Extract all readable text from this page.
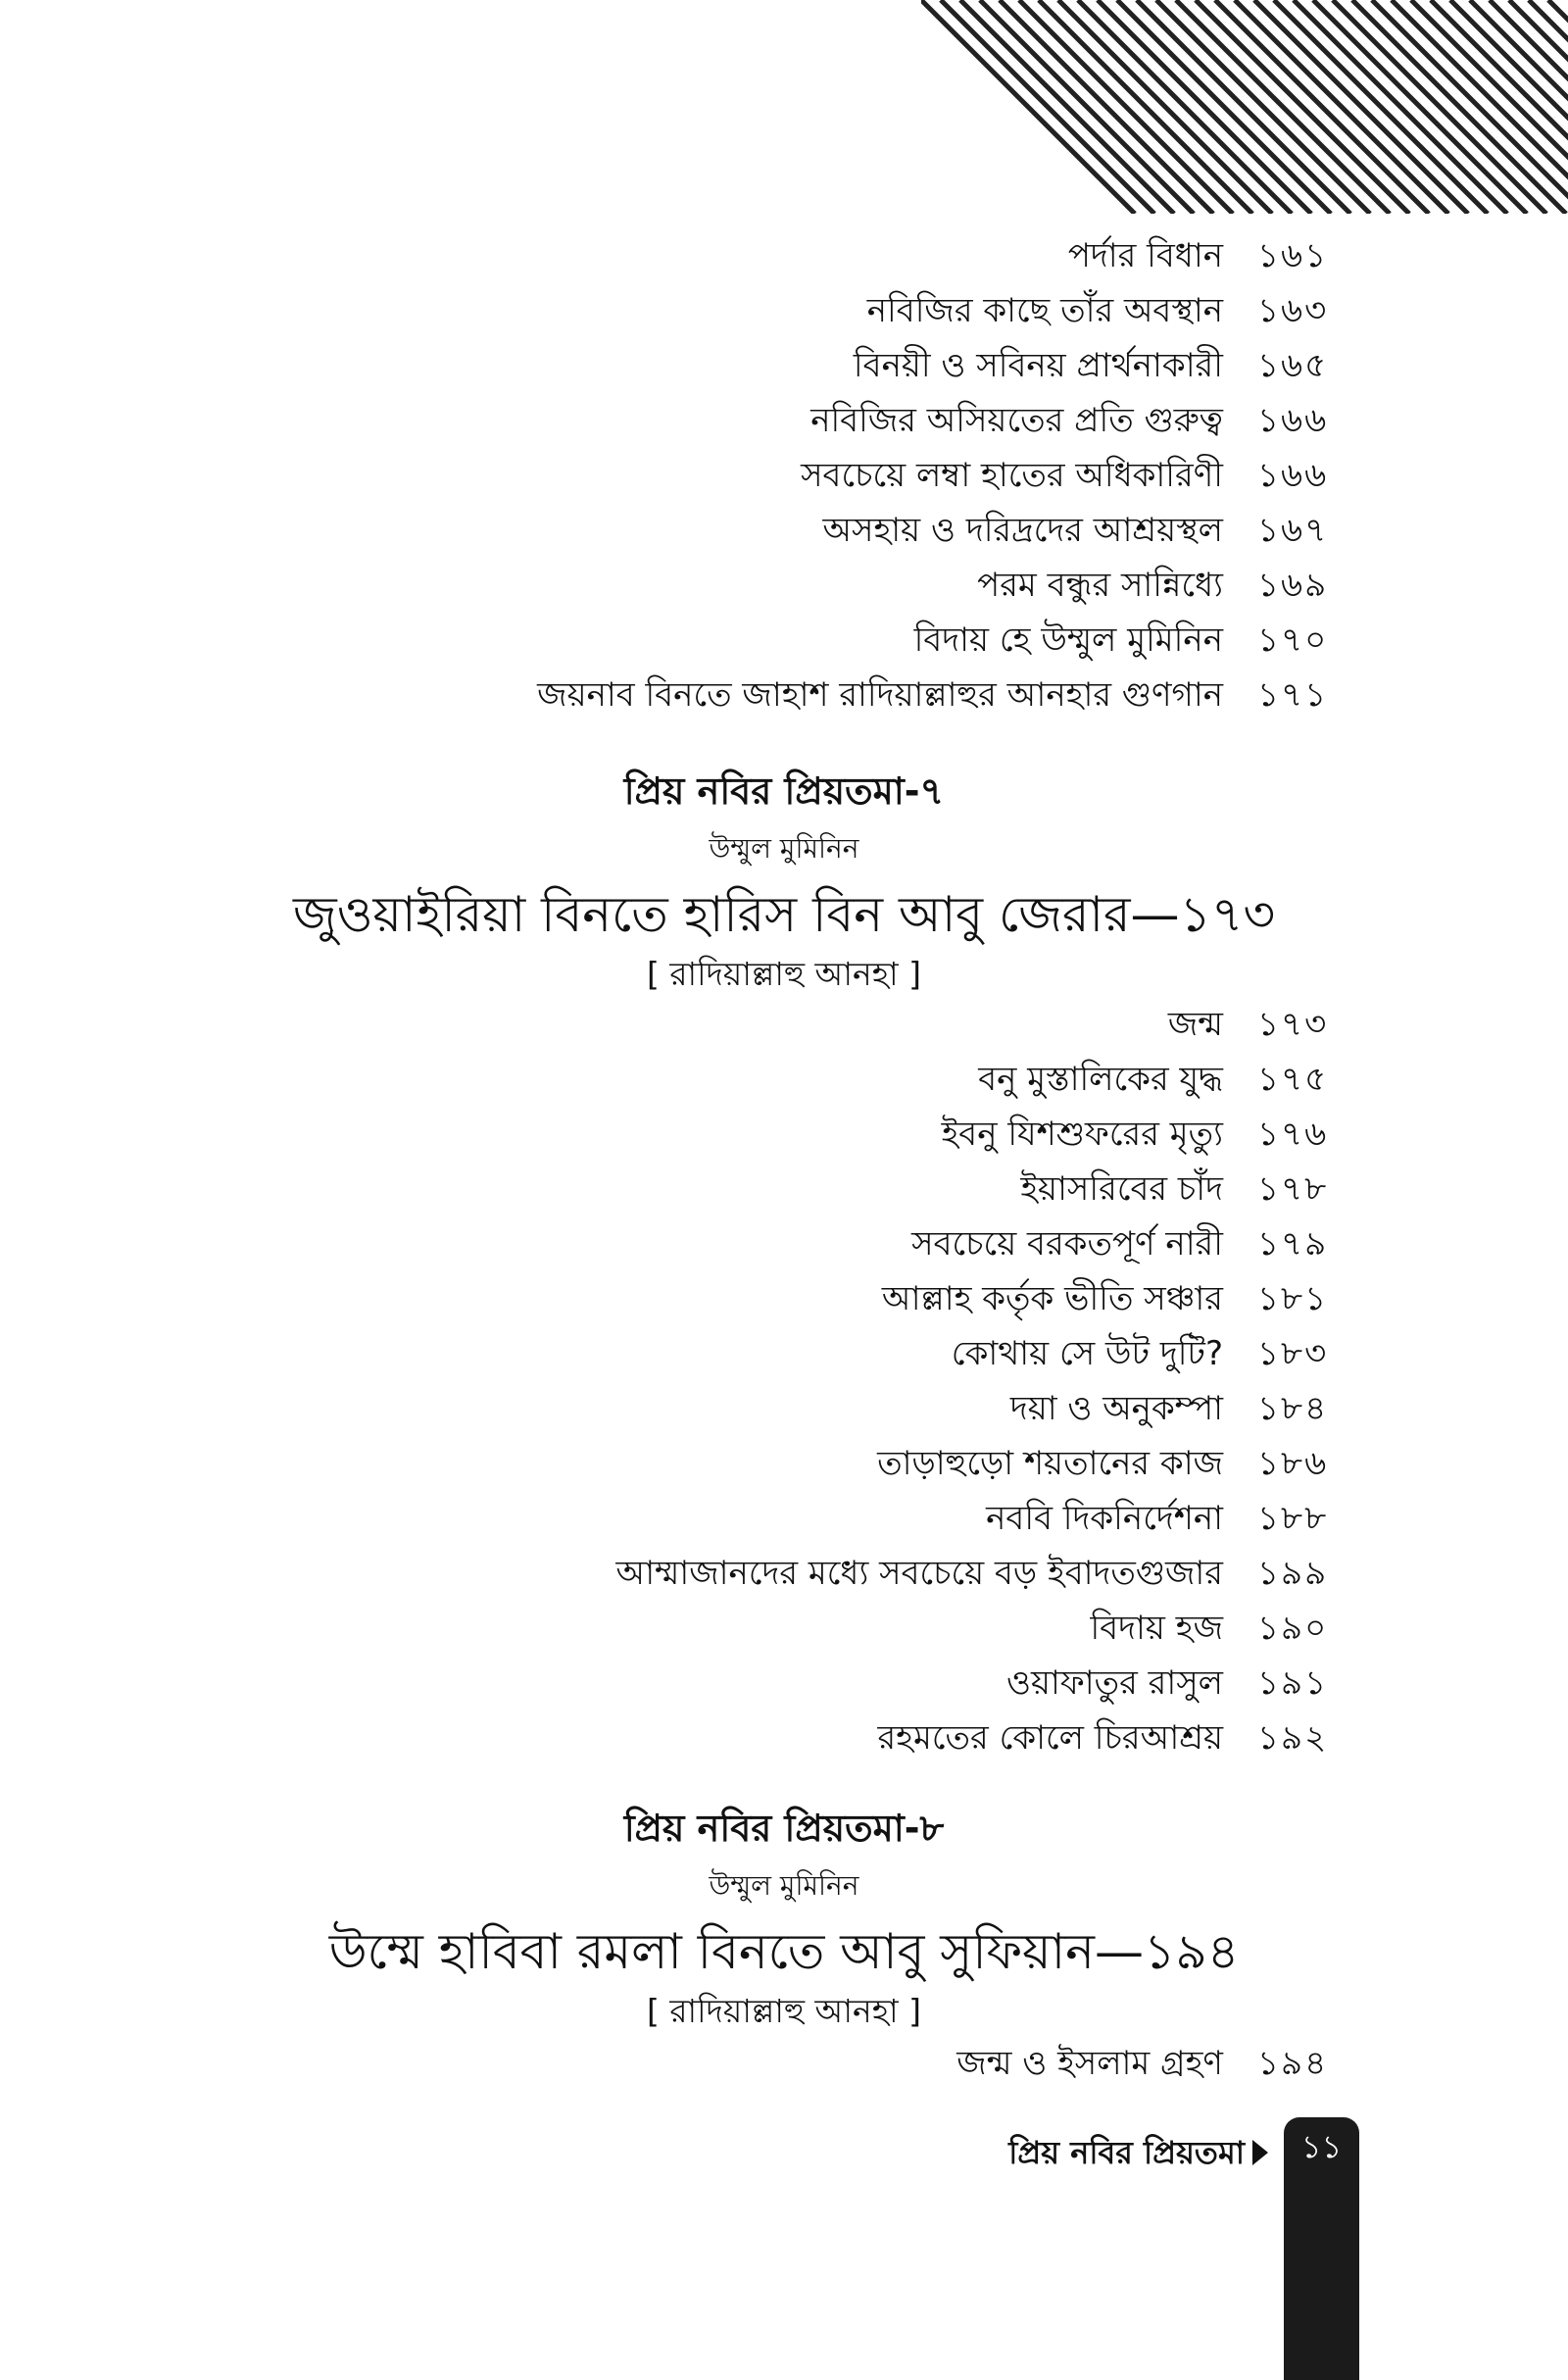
পর্দার বিধান ১৬১
নবিজির কাছে তাঁর অবস্থান ১৬৩
বিনয়ী ও সবিনয় প্রার্থনাকারী ১৬৫
নবিজির অসিয়তের প্রতি গুরুত্ব ১৬৬
সবচেয়ে লম্বা হাতের অধিকারিণী ১৬৬
অসহায় ও দরিদ্রদের আশ্রয়স্থল ১৬৭
পরম বন্ধুর সান্নিধ্যে ১৬৯
বিদায় হে উম্মুল মুমিনিন ১৭০
জয়নাব বিনতে জাহাশ রাদিয়াল্লাহুর আনহার গুণগান ১৭১
প্রিয় নবির প্রিয়তমা-৭
উম্মুল মুমিনিন
জুওয়াইরিয়া বিনতে হারিস বিন আবু জেরার—১৭৩
[ রাদিয়াল্লাহু আনহা ]
জন্ম ১৭৩
বনু মুস্তালিকের যুদ্ধ ১৭৫
ইবনু যিশশুফরের মৃত্যু ১৭৬
ইয়াসরিবের চাঁদ ১৭৮
সবচেয়ে বরকতপূর্ণ নারী ১৭৯
আল্লাহ কর্তৃক ভীতি সঞ্চার ১৮১
কোথায় সে উট দুটি? ১৮৩
দয়া ও অনুকম্পা ১৮৪
তাড়াহুড়ো শয়তানের কাজ ১৮৬
নববি দিকনির্দেশনা ১৮৮
আম্মাজানদের মধ্যে সবচেয়ে বড় ইবাদতগুজার ১৯৯
বিদায় হজ ১৯০
ওয়াফাতুর রাসুল ১৯১
রহমতের কোলে চিরআশ্রয় ১৯২
প্রিয় নবির প্রিয়তমা-৮
উম্মুল মুমিনিন
উম্মে হাবিবা রমলা বিনতে আবু সুফিয়ান—১৯৪
[ রাদিয়াল্লাহু আনহা ]
জন্ম ও ইসলাম গ্রহণ ১৯৪
প্রিয় নবির প্রিয়তমা	১১
